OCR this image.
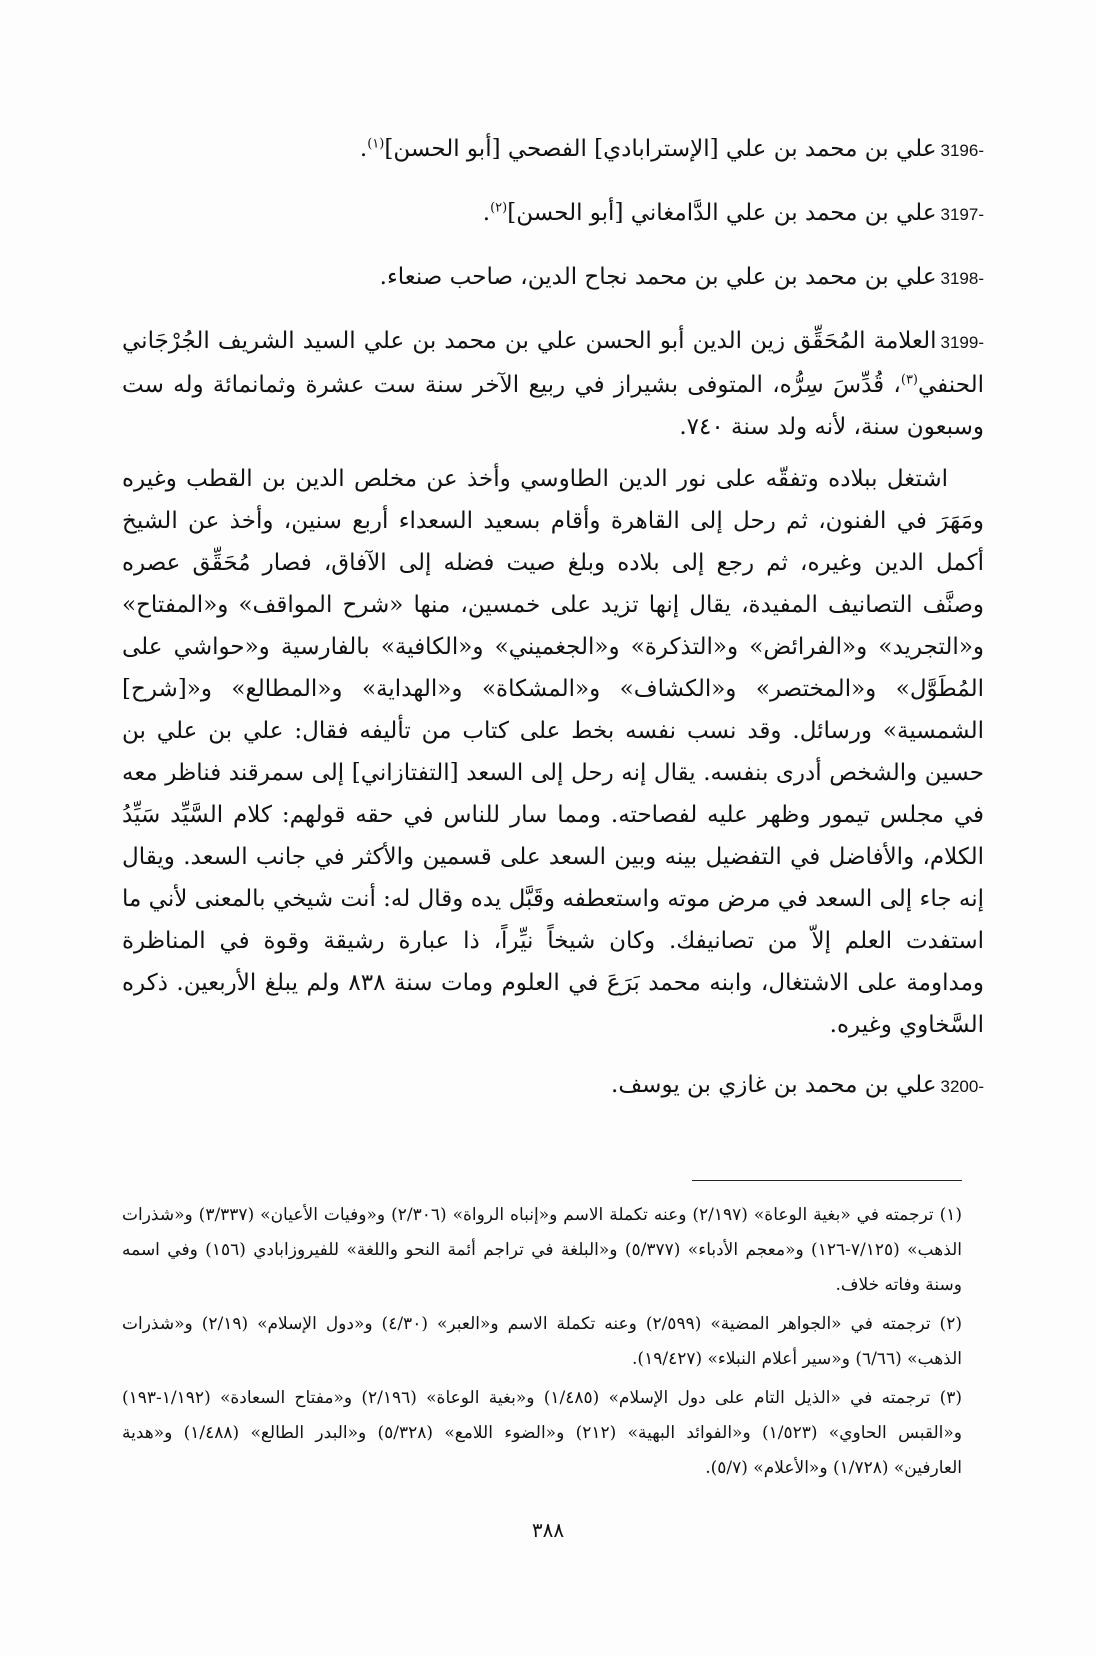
3196-علي بن محمد بن علي [الإسترابادي] الفصحي [أبو الحسن]$^{(١)}$.

3197-علي بن محمد بن علي الدَّامغاني [أبو الحسن]$^{(٢)}$.

3198-علي بن محمد بن علي بن محمد نجاح الدين، صاحب صنعاء.

3199-العلامة المُحَقِّق زين الدين أبو الحسن علي بن محمد بن علي السيد الشريف الجُرْجَاني الحنفي$^{(٣)}$، قُدِّسَ سِرُّه، المتوفى بشيراز في ربيع الآخر سنة ست عشرة وثمانمائة وله ست وسبعون سنة، لأنه ولد سنة ٧٤٠.

اشتغل ببلاده وتفقّه على نور الدين الطاوسي وأخذ عن مخلص الدين بن القطب وغيره ومَهَرَ في الفنون، ثم رحل إلى القاهرة وأقام بسعيد السعداء أربع سنين، وأخذ عن الشيخ أكمل الدين وغيره، ثم رجع إلى بلاده وبلغ صيت فضله إلى الآفاق، فصار مُحَقِّق عصره وصنَّف التصانيف المفيدة، يقال إنها تزيد على خمسين، منها «شرح المواقف» و«المفتاح» و«التجريد» و«الفرائض» و«التذكرة» و«الجغميني» و«الكافية» بالفارسية و«حواشي على المُطَوَّل» و«المختصر» و«الكشاف» و«المشكاة» و«الهداية» و«المطالع» و«[شرح] الشمسية» ورسائل. وقد نسب نفسه بخط على كتاب من تأليفه فقال: علي بن علي بن حسين والشخص أدرى بنفسه. يقال إنه رحل إلى السعد [التفتازاني] إلى سمرقند فناظر معه في مجلس تيمور وظهر عليه لفصاحته. ومما سار للناس في حقه قولهم: كلام السَّيِّد سَيِّدُ الكلام، والأفاضل في التفضيل بينه وبين السعد على قسمين والأكثر في جانب السعد. ويقال إنه جاء إلى السعد في مرض موته واستعطفه وقَبَّل يده وقال له: أنت شيخي بالمعنى لأني ما استفدت العلم إلاّ من تصانيفك. وكان شيخاً نيِّراً، ذا عبارة رشيقة وقوة في المناظرة ومداومة على الاشتغال، وابنه محمد بَرَعَ في العلوم ومات سنة ٨٣٨ ولم يبلغ الأربعين. ذكره السَّخاوي وغيره.

3200-علي بن محمد بن غازي بن يوسف.

(١) ترجمته في «بغية الوعاة» (٢/١٩٧) وعنه تكملة الاسم و«إنباه الرواة» (٢/٣٠٦) و«وفيات الأعيان» (٣/٣٣٧) و«شذرات الذهب» (٧/١٢٥-١٢٦) و«معجم الأدباء» (٥/٣٧٧) و«البلغة في تراجم أئمة النحو واللغة» للفيروزابادي (١٥٦) وفي اسمه وسنة وفاته خلاف.

(٢) ترجمته في «الجواهر المضية» (٢/٥٩٩) وعنه تكملة الاسم و«العبر» (٤/٣٠) و«دول الإسلام» (٢/١٩) و«شذرات الذهب» (٦/٦٦) و«سير أعلام النبلاء» (١٩/٤٢٧).

(٣) ترجمته في «الذيل التام على دول الإسلام» (١/٤٨٥) و«بغية الوعاة» (٢/١٩٦) و«مفتاح السعادة» (١/١٩٢-١٩٣) و«القبس الحاوي» (١/٥٢٣) و«الفوائد البهية» (٢١٢) و«الضوء اللامع» (٥/٣٢٨) و«البدر الطالع» (١/٤٨٨) و«هدية العارفين» (١/٧٢٨) و«الأعلام» (٥/٧).

٣٨٨
